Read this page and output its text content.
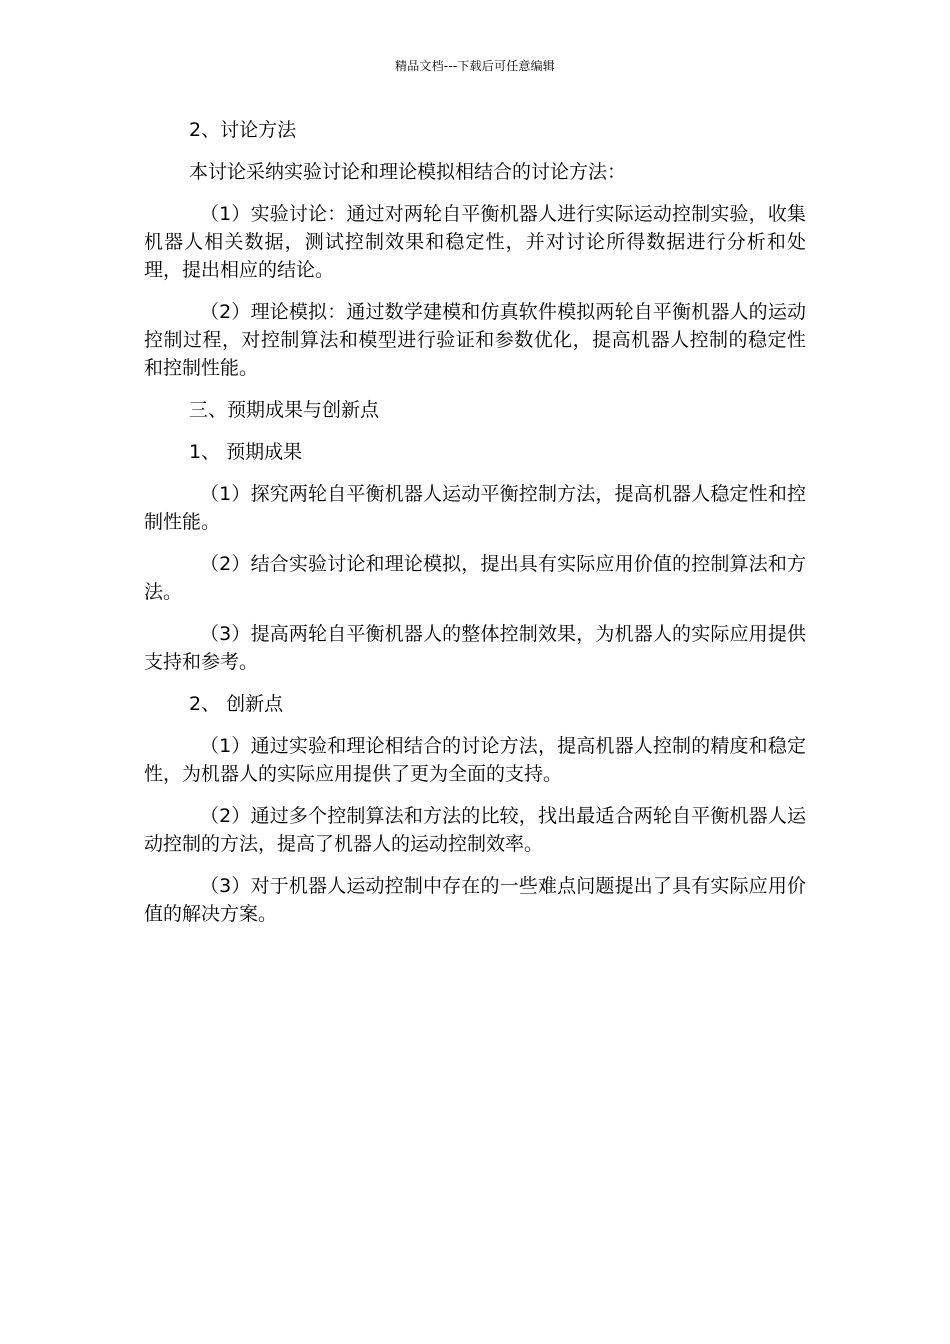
精品文档---下载后可任意编辑

2、讨论方法

本讨论采纳实验讨论和理论模拟相结合的讨论方法：

（1）实验讨论：通过对两轮自平衡机器人进行实际运动控制实验，收集机器人相关数据，测试控制效果和稳定性，并对讨论所得数据进行分析和处理，提出相应的结论。

（2）理论模拟：通过数学建模和仿真软件模拟两轮自平衡机器人的运动控制过程，对控制算法和模型进行验证和参数优化，提高机器人控制的稳定性和控制性能。

三、预期成果与创新点

1、 预期成果

（1）探究两轮自平衡机器人运动平衡控制方法，提高机器人稳定性和控制性能。

（2）结合实验讨论和理论模拟，提出具有实际应用价值的控制算法和方法。

（3）提高两轮自平衡机器人的整体控制效果，为机器人的实际应用提供支持和参考。

2、 创新点

（1）通过实验和理论相结合的讨论方法，提高机器人控制的精度和稳定性，为机器人的实际应用提供了更为全面的支持。

（2）通过多个控制算法和方法的比较，找出最适合两轮自平衡机器人运动控制的方法，提高了机器人的运动控制效率。

（3）对于机器人运动控制中存在的一些难点问题提出了具有实际应用价值的解决方案。
